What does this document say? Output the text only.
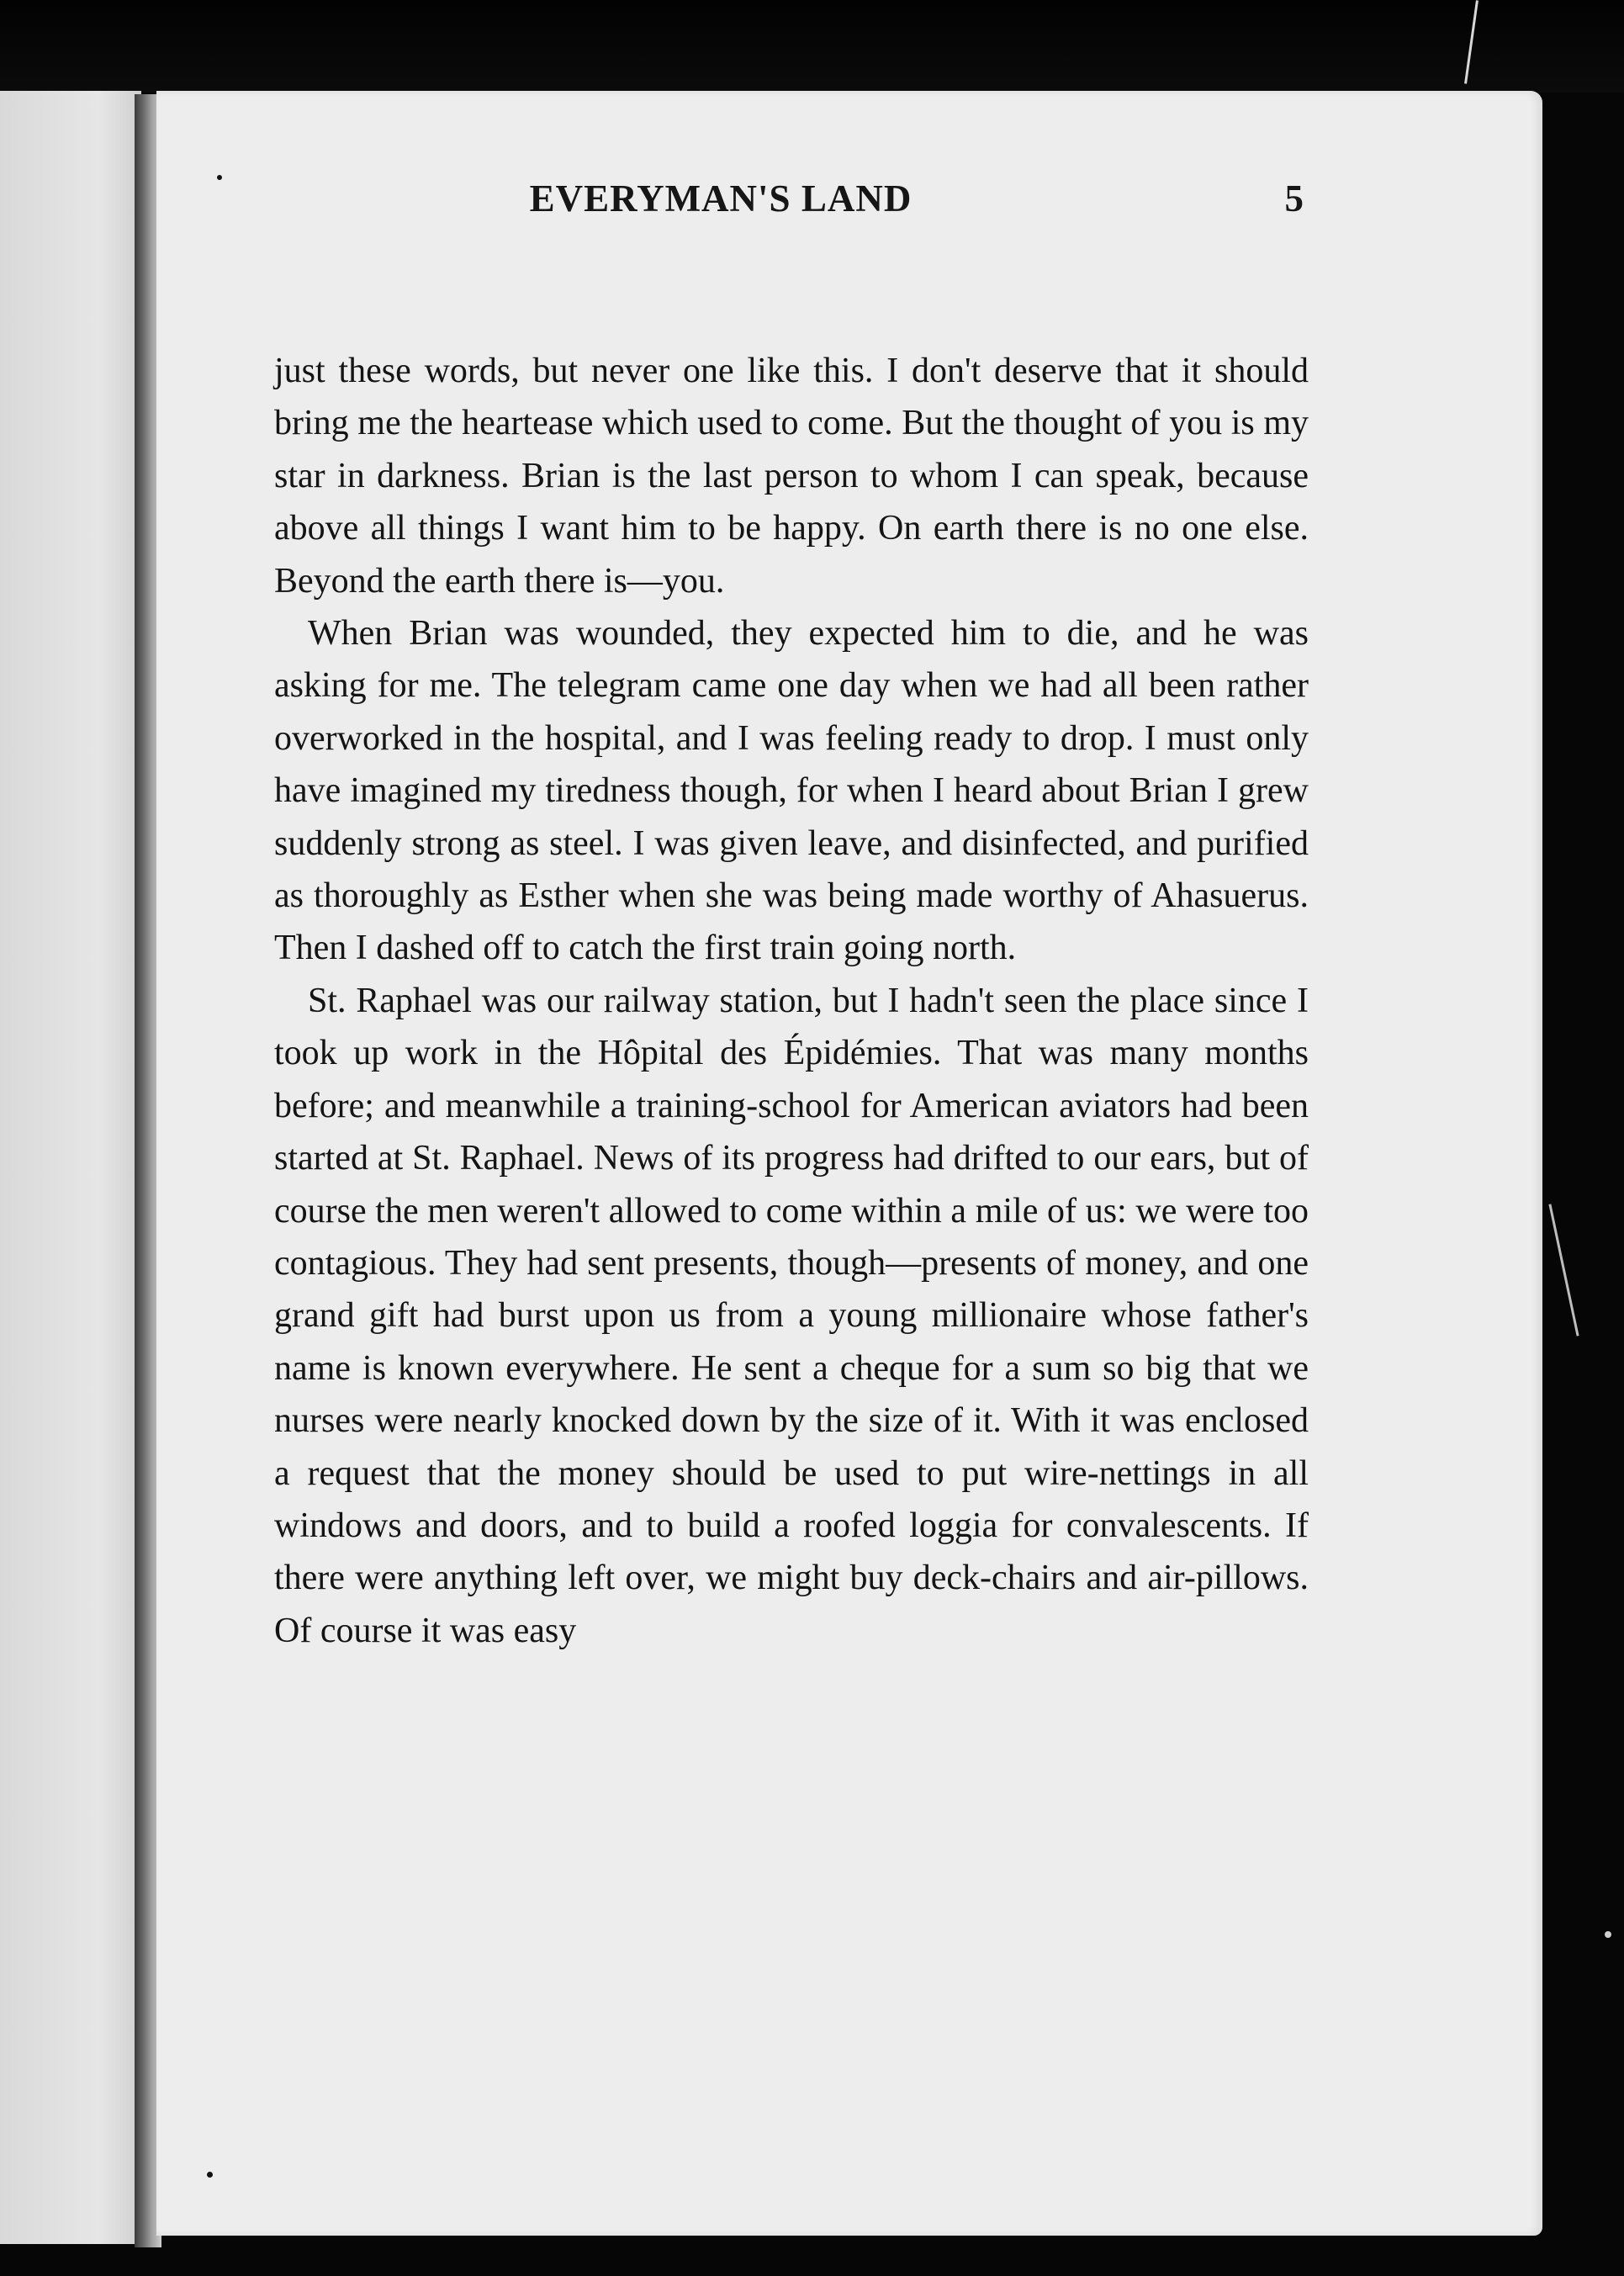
EVERYMAN'S LAND	5

just these words, but never one like this. I don't deserve that it should bring me the heartease which used to come. But the thought of you is my star in darkness. Brian is the last person to whom I can speak, because above all things I want him to be happy. On earth there is no one else. Beyond the earth there is—you.

When Brian was wounded, they expected him to die, and he was asking for me. The telegram came one day when we had all been rather overworked in the hospital, and I was feeling ready to drop. I must only have imagined my tiredness though, for when I heard about Brian I grew suddenly strong as steel. I was given leave, and disinfected, and purified as thoroughly as Esther when she was being made worthy of Ahasuerus. Then I dashed off to catch the first train going north.

St. Raphael was our railway station, but I hadn't seen the place since I took up work in the Hôpital des Épidémies. That was many months before; and meanwhile a training-school for American aviators had been started at St. Raphael. News of its progress had drifted to our ears, but of course the men weren't allowed to come within a mile of us: we were too contagious. They had sent presents, though—presents of money, and one grand gift had burst upon us from a young millionaire whose father's name is known everywhere. He sent a cheque for a sum so big that we nurses were nearly knocked down by the size of it. With it was enclosed a request that the money should be used to put wire-nettings in all windows and doors, and to build a roofed loggia for convalescents. If there were anything left over, we might buy deck-chairs and air-pillows. Of course it was easy
